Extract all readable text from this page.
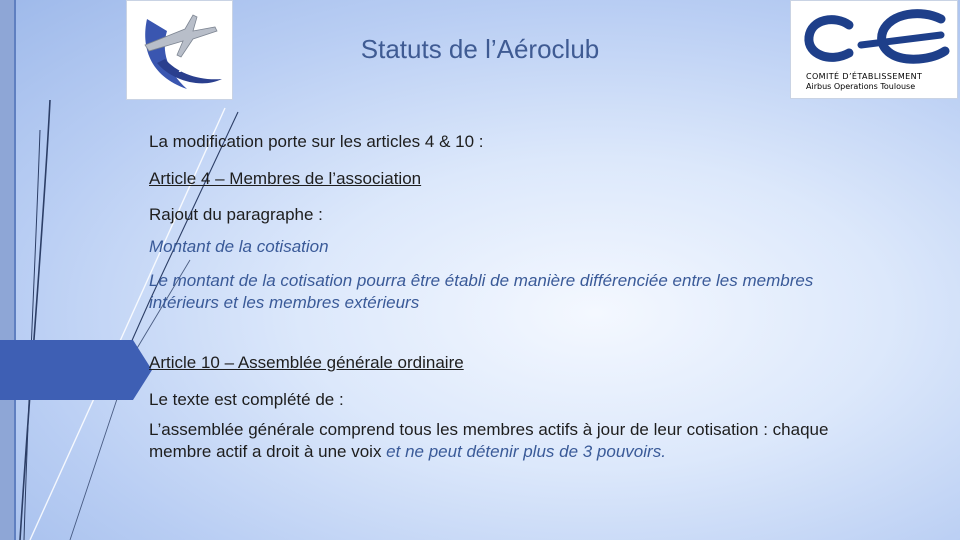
ACAT
COMITÉ D’ÉTABLISSEMENT
Airbus Operations Toulouse
Statuts de l’Aéroclub

La modification porte sur les articles 4 & 10 :

Article 4 – Membres de l’association

Rajout du paragraphe :

Montant de la cotisation

Le montant de la cotisation pourra être établi de manière différenciée entre les membres intérieurs et les membres extérieurs

Article 10 – Assemblée générale ordinaire

Le texte est complété de :

L’assemblée générale comprend tous les membres actifs à jour de leur cotisation : chaque membre actif a droit à une voix et ne peut détenir plus de 3 pouvoirs.
